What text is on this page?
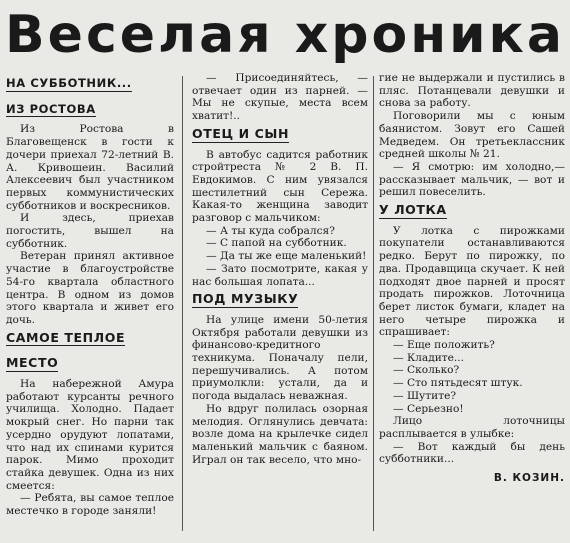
Веселая хроника
НА СУББОТНИК...
ИЗ РОСТОВА

Из Ростова в Благовещенск в гости к дочери приехал 72-летний В. А. Кривошеин. Василий Алексеевич был участником первых коммунистических субботников и воскресников.

И здесь, приехав погостить, вышел на субботник.

Ветеран принял активное участие в благоустройстве 54-го квартала областного центра. В одном из домов этого квартала и живет его дочь.

САМОЕ ТЕПЛОЕ
МЕСТО

На набережной Амура работают курсанты речного училища. Холодно. Падает мокрый снег. Но парни так усердно орудуют лопатами, что над их спинами курится парок. Мимо проходит стайка девушек. Одна из них смеется:

— Ребята, вы самое теплое местечко в городе заняли!

— Присоединяйтесь, — отвечает один из парней. — Мы не скупые, места всем хватит!..

ОТЕЦ И СЫН

В автобус садится работник стройтреста № 2 В. П. Евдокимов. С ним увязался шестилетний сын Сережа. Какая-то женщина заводит разговор с мальчиком:

— А ты куда собрался?

— С папой на субботник.

— Да ты же еще маленький!

— Зато посмотрите, какая у нас большая лопата...

ПОД МУЗЫКУ

На улице имени 50-летия Октября работали девушки из финансово-кредитного техникума. Поначалу пели, перешучивались. А потом приумолкли: устали, да и погода выдалась неважная.

Но вдруг полилась озорная мелодия. Оглянулись девчата: возле дома на крылечке сидел маленький мальчик с баяном. Играл он так весело, что мно-

гие не выдержали и пустились в пляс. Потанцевали девушки и снова за работу.

Поговорили мы с юным баянистом. Зовут его Сашей Медведем. Он третьеклассник средней школы № 21.

— Я смотрю: им холодно,— рассказывает мальчик, — вот и решил повеселить.

У ЛОТКА

У лотка с пирожками покупатели останавливаются редко. Берут по пирожку, по два. Продавщица скучает. К ней подходят двое парней и просят продать пирожков. Лоточница берет листок бумаги, кладет на него четыре пирожка и спрашивает:

— Еще положить?

— Кладите...

— Сколько?

— Сто пятьдесят штук.

— Шутите?

— Серьезно!

Лицо лоточницы расплывается в улыбке:

— Вот каждый бы день субботники...

В. КОЗИН.
